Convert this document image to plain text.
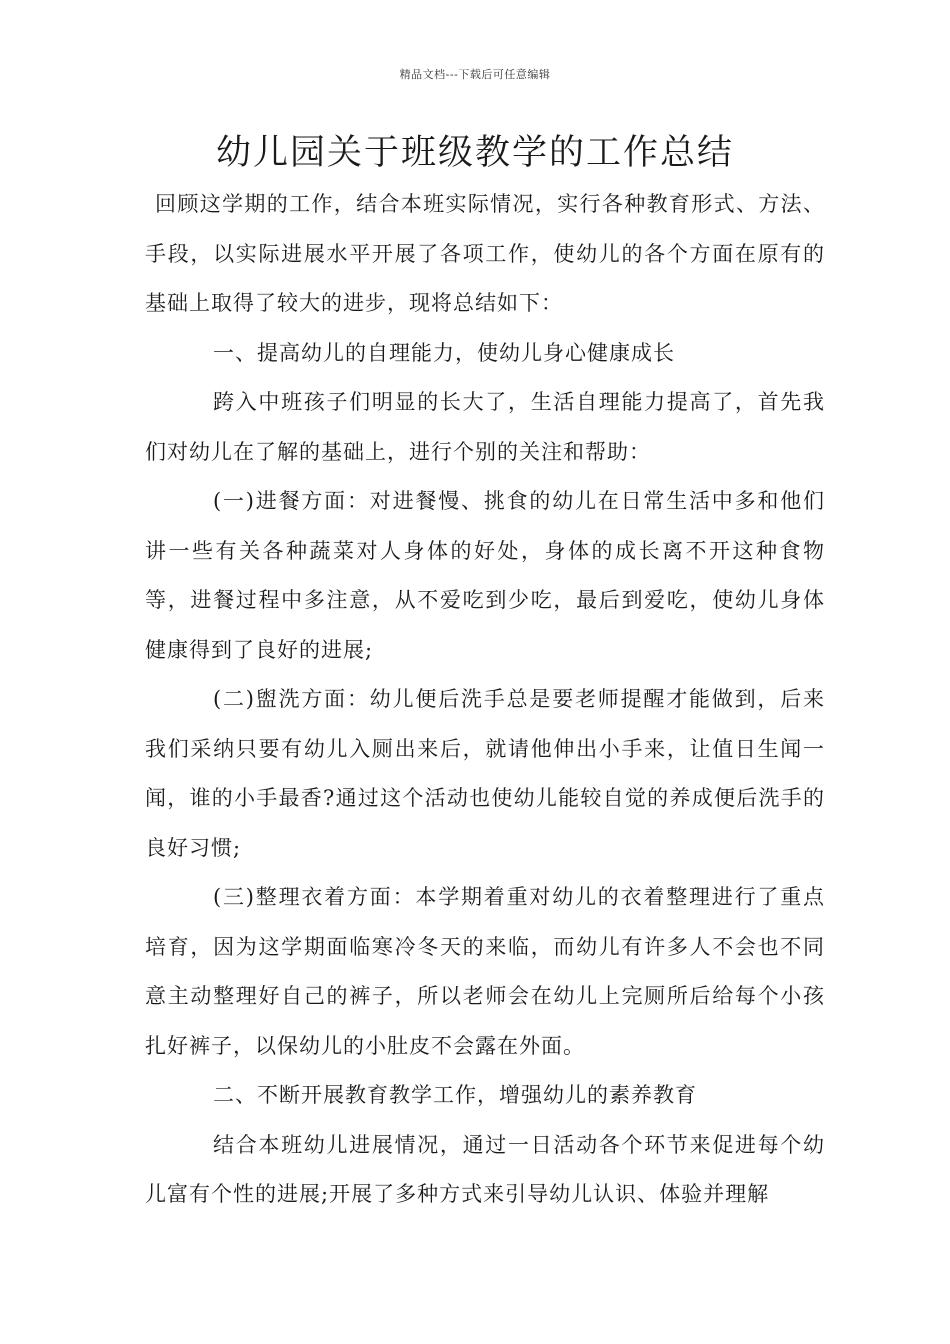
精品文档---下载后可任意编辑
幼儿园关于班级教学的工作总结

回顾这学期的工作，结合本班实际情况，实行各种教育形式、方法、手段，以实际进展水平开展了各项工作，使幼儿的各个方面在原有的基础上取得了较大的进步，现将总结如下：

一、提高幼儿的自理能力，使幼儿身心健康成长

跨入中班孩子们明显的长大了，生活自理能力提高了，首先我们对幼儿在了解的基础上，进行个别的关注和帮助：

(一)进餐方面：对进餐慢、挑食的幼儿在日常生活中多和他们讲一些有关各种蔬菜对人身体的好处，身体的成长离不开这种食物等，进餐过程中多注意，从不爱吃到少吃，最后到爱吃，使幼儿身体健康得到了良好的进展;

(二)盥洗方面：幼儿便后洗手总是要老师提醒才能做到，后来我们采纳只要有幼儿入厕出来后，就请他伸出小手来，让值日生闻一闻，谁的小手最香?通过这个活动也使幼儿能较自觉的养成便后洗手的良好习惯;

(三)整理衣着方面：本学期着重对幼儿的衣着整理进行了重点培育，因为这学期面临寒冷冬天的来临，而幼儿有许多人不会也不同意主动整理好自己的裤子，所以老师会在幼儿上完厕所后给每个小孩扎好裤子，以保幼儿的小肚皮不会露在外面。

二、不断开展教育教学工作，增强幼儿的素养教育

结合本班幼儿进展情况，通过一日活动各个环节来促进每个幼儿富有个性的进展;开展了多种方式来引导幼儿认识、体验并理解
